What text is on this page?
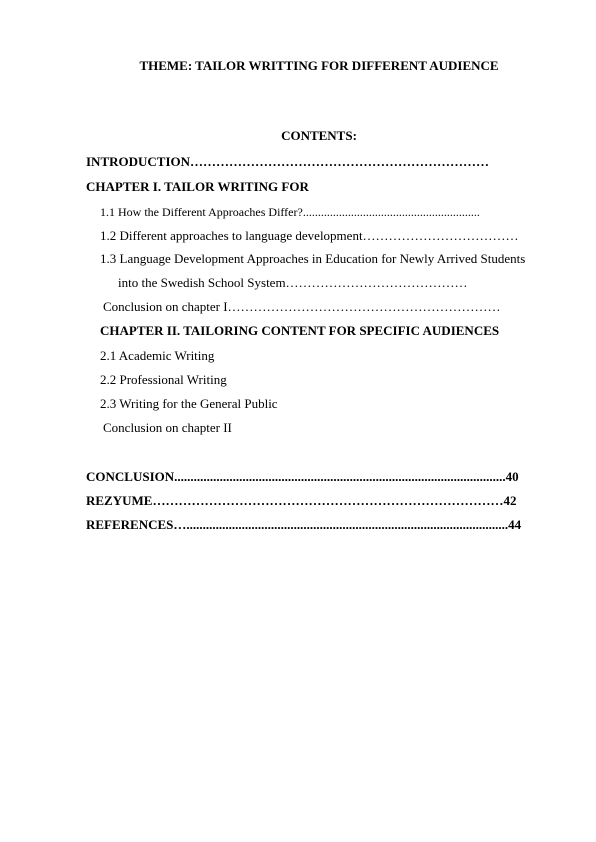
THEME: TAILOR WRITTING FOR DIFFERENT AUDIENCE
CONTENTS:
INTRODUCTION……………………………………………………………
CHAPTER I. TAILOR WRITING FOR
1.1 How the Different Approaches Differ?...........................................................
1.2 Different approaches to language development………………………………
1.3 Language Development Approaches in Education for Newly Arrived Students
into the Swedish School System……………………………………
Conclusion on chapter I………………………………………………………
CHAPTER II. TAILORING CONTENT FOR SPECIFIC AUDIENCES
2.1 Academic Writing
2.2 Professional Writing
2.3 Writing for the General Public
Conclusion on chapter II
CONCLUSION......................................................................................................40
REZYUME………………………………………………………………………42
REFERENCES…...................................................................................................44
